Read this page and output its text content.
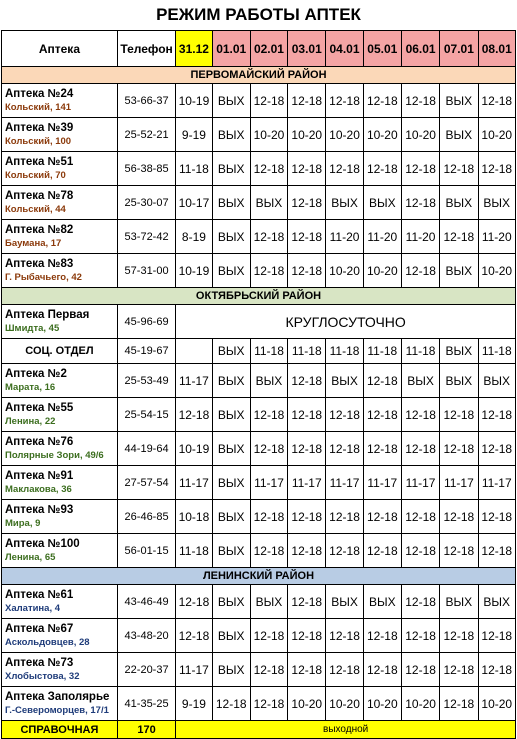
РЕЖИМ РАБОТЫ АПТЕК										
Аптека	Телефон	31.12	01.01	02.01	03.01	04.01	05.01	06.01	07.01	08.01
ПЕРВОМАЙСКИЙ РАЙОН										

Аптека №24
Кольский, 141	53-66-37	10-19	ВЫХ	12-18	12-18	12-18	12-18	12-18	ВЫХ	12-18

Аптека №39
Кольский, 100	25-52-21	9-19	ВЫХ	10-20	10-20	10-20	10-20	10-20	ВЫХ	10-20

Аптека №51
Кольский, 70	56-38-85	11-18	ВЫХ	12-18	12-18	12-18	12-18	12-18	12-18	12-18

Аптека №78
Кольский, 44	25-30-07	10-17	ВЫХ	ВЫХ	12-18	ВЫХ	ВЫХ	12-18	ВЫХ	ВЫХ

Аптека №82
Баумана, 17	53-72-42	8-19	ВЫХ	12-18	12-18	11-20	11-20	11-20	12-18	11-20

Аптека №83
Г. Рыбачьего, 42	57-31-00	10-19	ВЫХ	12-18	12-18	10-20	10-20	12-18	ВЫХ	10-20
ОКТЯБРЬСКИЙ РАЙОН										

Аптека Первая
Шмидта, 45	45-96-69	КРУГЛОСУТОЧНО								
СОЦ. ОТДЕЛ	45-19-67		ВЫХ	11-18	11-18	11-18	11-18	11-18	ВЫХ	11-18

Аптека №2
Марата, 16	25-53-49	11-17	ВЫХ	ВЫХ	12-18	ВЫХ	12-18	ВЫХ	ВЫХ	ВЫХ

Аптека №55
Ленина, 22	25-54-15	12-18	ВЫХ	12-18	12-18	12-18	12-18	12-18	12-18	12-18

Аптека №76
Полярные Зори, 49/6	44-19-64	10-19	ВЫХ	12-18	12-18	12-18	12-18	12-18	12-18	12-18

Аптека №91
Маклакова, 36	27-57-54	11-17	ВЫХ	11-17	11-17	11-17	11-17	11-17	11-17	11-17

Аптека №93
Мира, 9	26-46-85	10-18	ВЫХ	12-18	12-18	12-18	12-18	12-18	12-18	12-18

Аптека №100
Ленина, 65	56-01-15	11-18	ВЫХ	12-18	12-18	12-18	12-18	12-18	12-18	12-18
ЛЕНИНСКИЙ РАЙОН										

Аптека №61
Халатина, 4	43-46-49	12-18	ВЫХ	ВЫХ	12-18	ВЫХ	ВЫХ	12-18	ВЫХ	ВЫХ

Аптека №67
Аскольдовцев, 28	43-48-20	12-18	ВЫХ	12-18	12-18	12-18	12-18	12-18	12-18	12-18

Аптека №73
Хлобыстова, 32	22-20-37	11-17	ВЫХ	12-18	12-18	12-18	12-18	12-18	12-18	12-18

Аптека Заполярье
Г.-Североморцев, 17/1	41-35-25	9-19	12-18	12-18	10-20	10-20	10-20	10-20	12-18	10-20
СПРАВОЧНАЯ	170	выходной								
